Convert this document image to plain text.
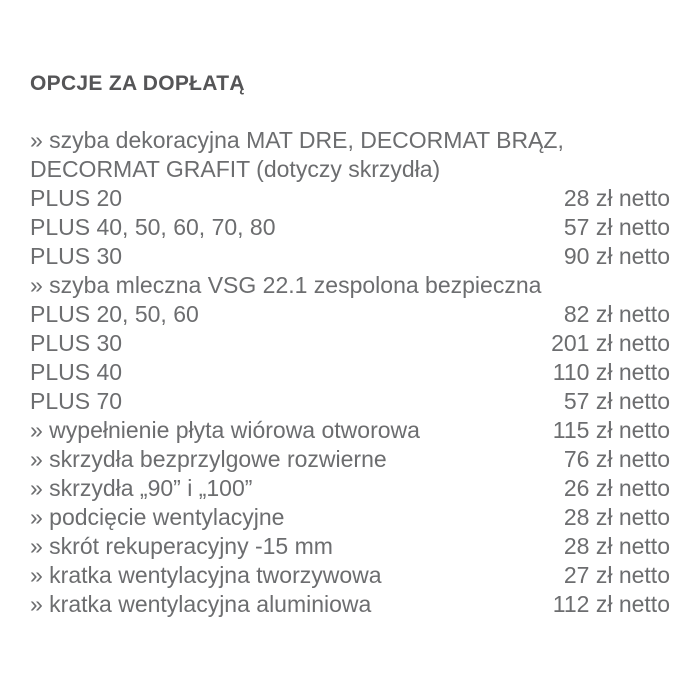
OPCJE ZA DOPŁATĄ
» szyba dekoracyjna MAT DRE, DECORMAT BRĄZ,
DECORMAT GRAFIT (dotyczy skrzydła)
PLUS 20	28 zł netto
PLUS 40, 50, 60, 70, 80	57 zł netto
PLUS 30	90 zł netto
» szyba mleczna VSG 22.1 zespolona bezpieczna
PLUS 20, 50, 60	82 zł netto
PLUS 30	201 zł netto
PLUS 40	110 zł netto
PLUS 70	57 zł netto
» wypełnienie płyta wiórowa otworowa	115 zł netto
» skrzydła bezprzylgowe rozwierne	76 zł netto
» skrzydła „90” i „100”	26 zł netto
» podcięcie wentylacyjne	28 zł netto
» skrót rekuperacyjny -15 mm	28 zł netto
» kratka wentylacyjna tworzywowa	27 zł netto
» kratka wentylacyjna aluminiowa	112 zł netto
